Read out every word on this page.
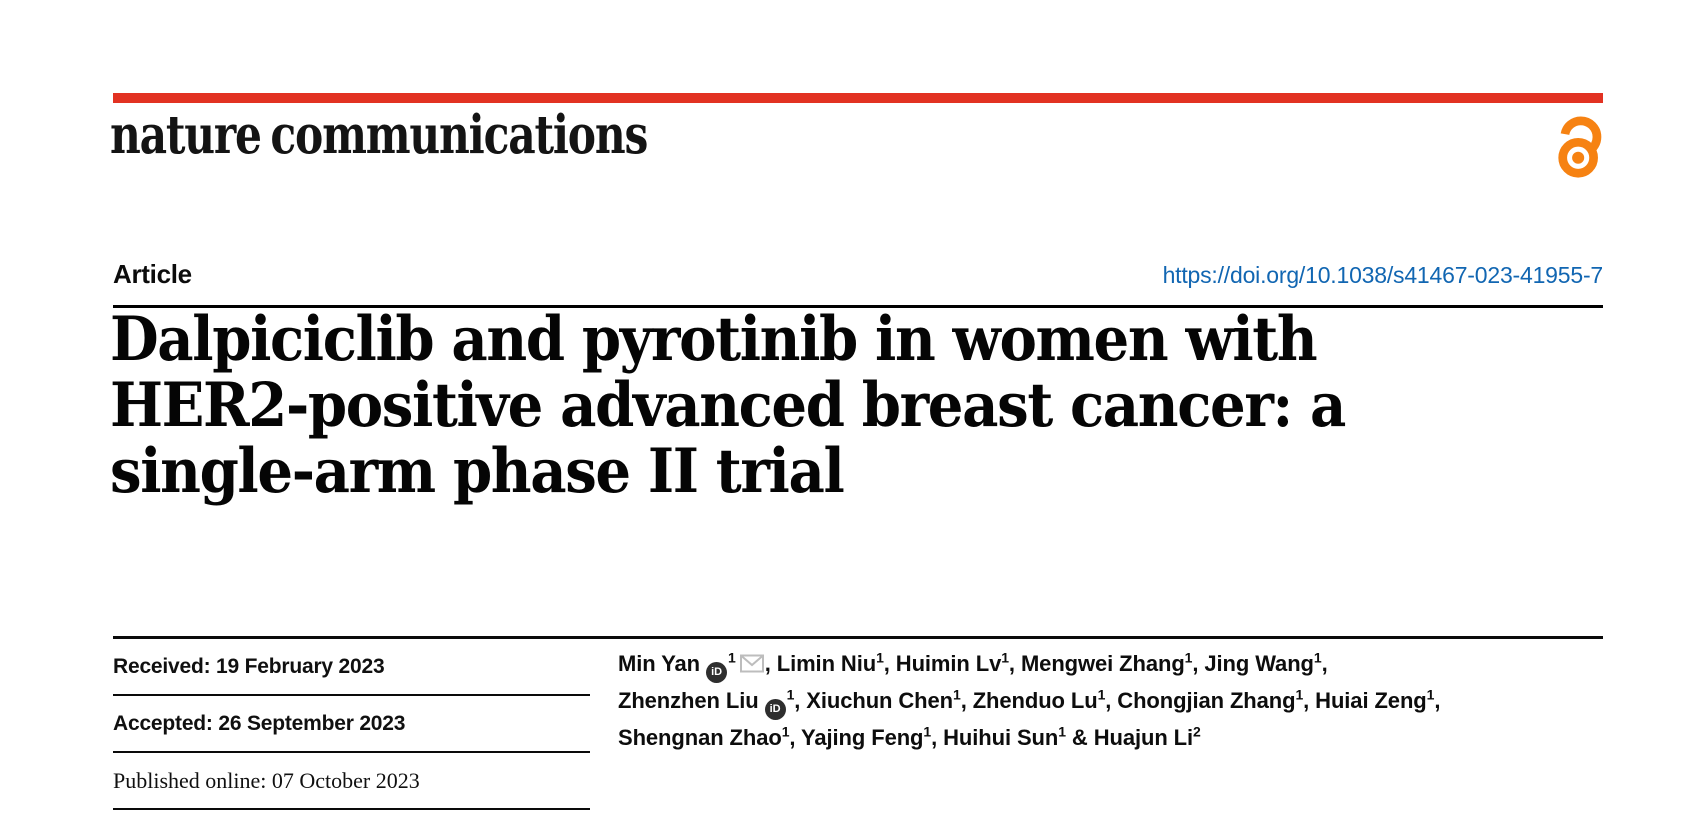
nature communications
Article	https://doi.org/10.1038/s41467-023-41955-7
Dalpiciclib and pyrotinib in women with
HER2-positive advanced breast cancer: a
single-arm phase II trial
Received: 19 February 2023
Accepted: 26 September 2023
Published online: 07 October 2023
Min Yan $iD^1$ , Limin Niu$^1$, Huimin Lv$^1$, Mengwei Zhang$^1$, Jing Wang$^1$,
Zhenzhen Liu $iD^1$, Xiuchun Chen$^1$, Zhenduo Lu$^1$, Chongjian Zhang$^1$, Huiai Zeng$^1$,
Shengnan Zhao$^1$, Yajing Feng$^1$, Huihui Sun$^1$ & Huajun Li$^2$
